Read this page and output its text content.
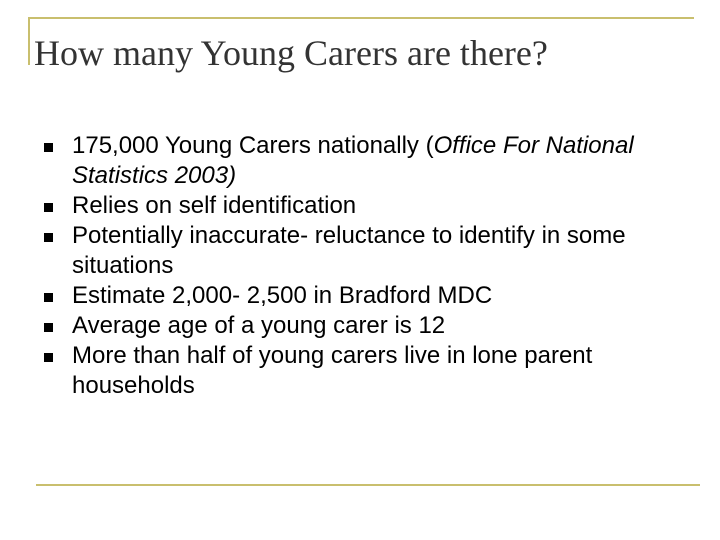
How many Young Carers are there?
175,000 Young Carers nationally (Office For National Statistics 2003)
Relies on self identification
Potentially inaccurate- reluctance to identify in some situations
Estimate 2,000- 2,500 in Bradford MDC
Average age of a young carer is 12
More than half of young carers live in lone parent households
